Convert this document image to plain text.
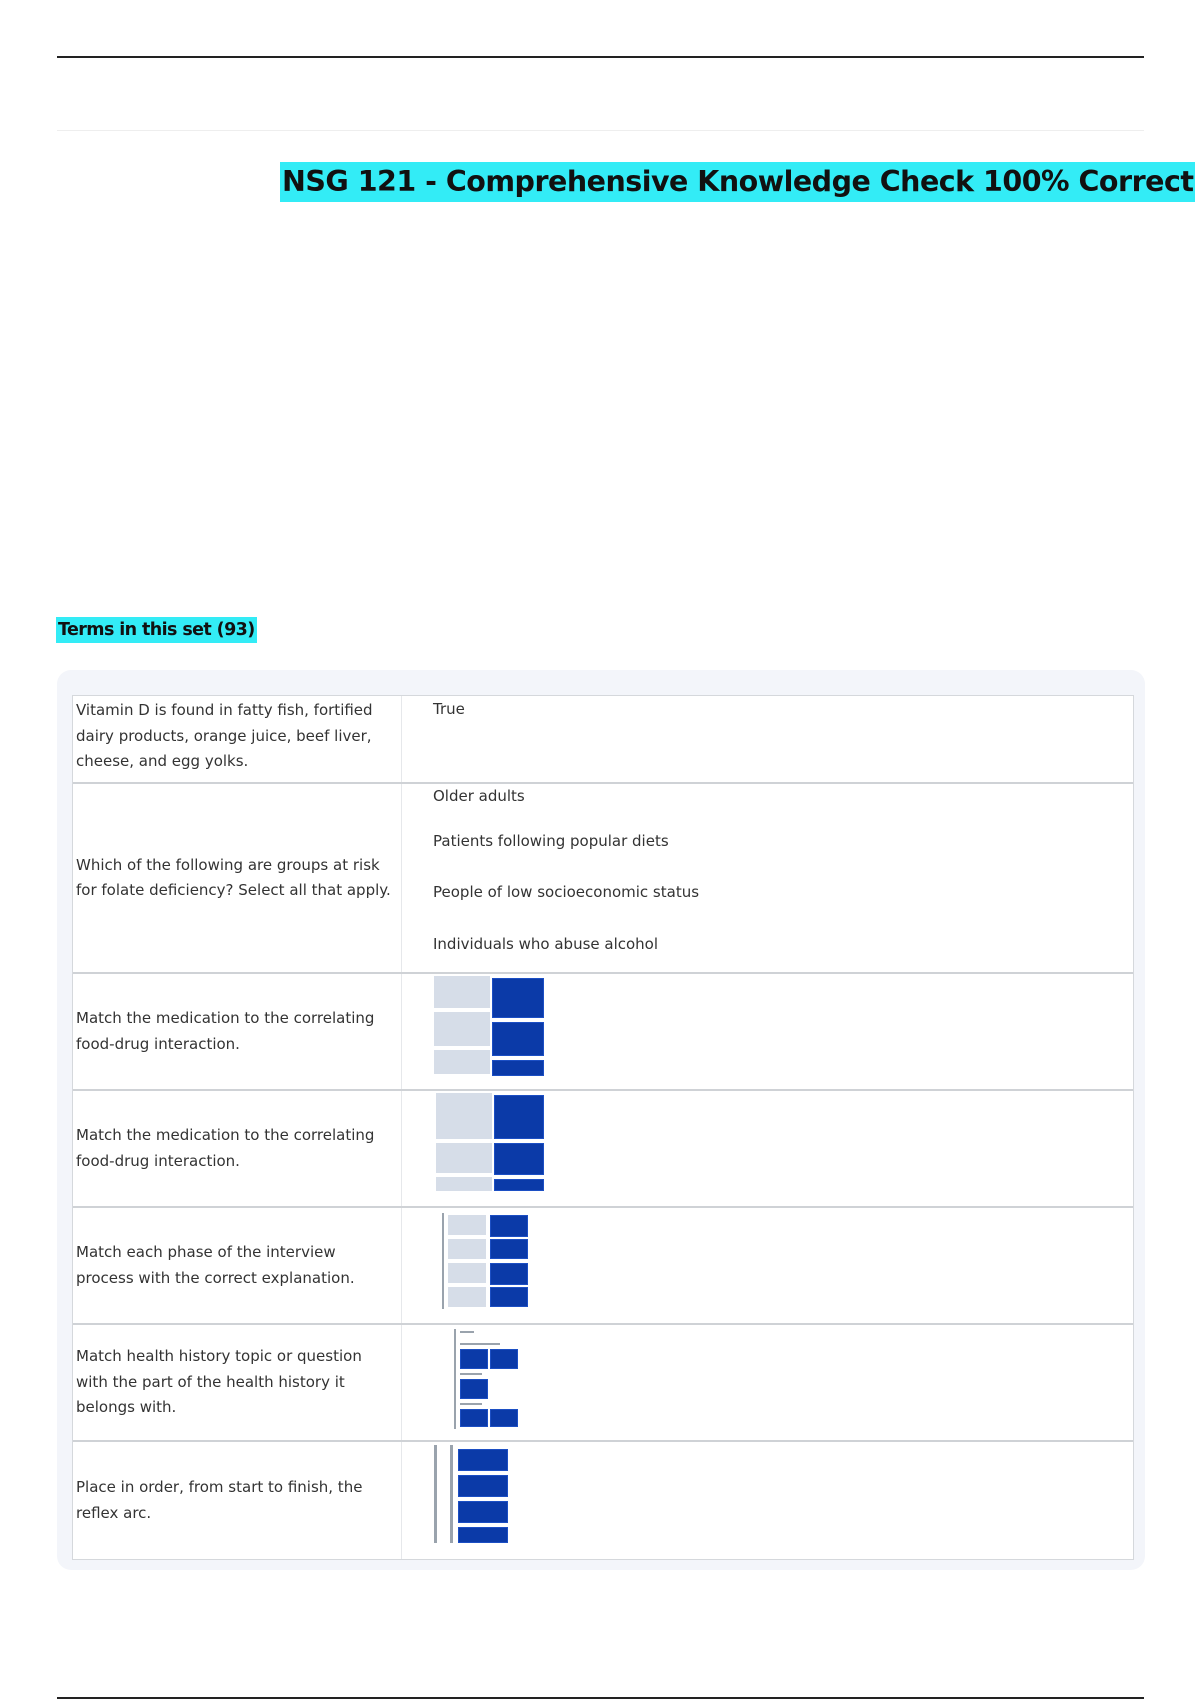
NSG 121 - Comprehensive Knowledge Check 100% Correct
Terms in this set (93)
Vitamin D is found in fatty fish, fortified dairy products, orange juice, beef liver, cheese, and egg yolks.
True
Which of the following are groups at risk for folate deficiency? Select all that apply.
Older adults
Patients following popular diets
People of low socioeconomic status
Individuals who abuse alcohol
Match the medication to the correlating food-drug interaction.
Match the medication to the correlating food-drug interaction.
Match each phase of the interview process with the correct explanation.
Match health history topic or question with the part of the health history it belongs with.
Place in order, from start to finish, the reflex arc.
